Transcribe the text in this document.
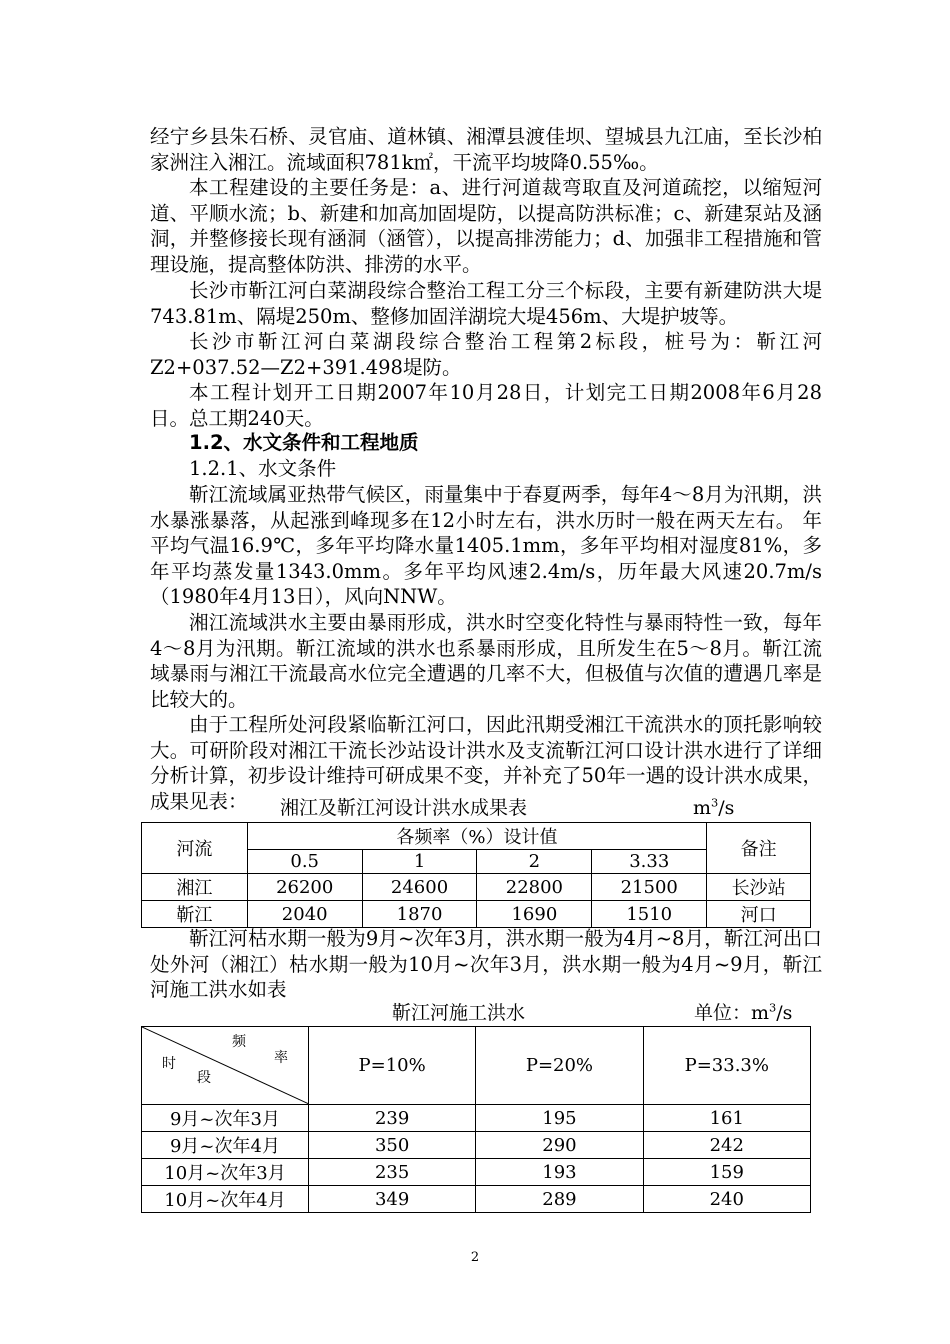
经宁乡县朱石桥、灵官庙、道林镇、湘潭县渡佳坝、望城县九江庙，至长沙柏家洲注入湘江。流域面积781k㎡，干流平均坡降0.55‰。

本工程建设的主要任务是：a、进行河道裁弯取直及河道疏挖，以缩短河道、平顺水流；b、新建和加高加固堤防，以提高防洪标准；c、新建泵站及涵洞，并整修接长现有涵洞（涵管），以提高排涝能力；d、加强非工程措施和管理设施，提高整体防洪、排涝的水平。

长沙市靳江河白菜湖段综合整治工程工分三个标段，主要有新建防洪大堤743.81m、隔堤250m、整修加固洋湖垸大堤456m、大堤护坡等。

长沙市靳江河白菜湖段综合整治工程第2标段，桩号为：靳江河Z2+037.52—Z2+391.498堤防。

本工程计划开工日期2007年10月28日，计划完工日期2008年6月28日。总工期240天。

1.2、水文条件和工程地质

1.2.1、水文条件

靳江流域属亚热带气候区，雨量集中于春夏两季，每年4～8月为汛期，洪水暴涨暴落，从起涨到峰现多在12小时左右，洪水历时一般在两天左右。 年平均气温16.9℃，多年平均降水量1405.1mm，多年平均相对湿度81%，多年平均蒸发量1343.0mm。多年平均风速2.4m/s，历年最大风速20.7m/s（1980年4月13日），风向NNW。

湘江流域洪水主要由暴雨形成，洪水时空变化特性与暴雨特性一致，每年4～8月为汛期。靳江流域的洪水也系暴雨形成，且所发生在5～8月。靳江流域暴雨与湘江干流最高水位完全遭遇的几率不大，但极值与次值的遭遇几率是比较大的。

由于工程所处河段紧临靳江河口，因此汛期受湘江干流洪水的顶托影响较大。可研阶段对湘江干流长沙站设计洪水及支流靳江河口设计洪水进行了详细分析计算，初步设计维持可研成果不变，并补充了50年一遇的设计洪水成果，成果见表：	湘江及靳江河设计洪水成果表	$m^3/s$
河流	各频率（%）设计值				备注
	0.5	1	2	3.33	
湘江	26200	24600	22800	21500	长沙站
靳江	2040	1870	1690	1510	河口

靳江河枯水期一般为9月~次年3月，洪水期一般为4月~8月，靳江河出口处外河（湘江）枯水期一般为10月~次年3月，洪水期一般为4月~9月，靳江河施工洪水如表

靳江河施工洪水	单位：$m^3/s$
频
率
时
段	P=10%	P=20%	P=33.3%
9月~次年3月	239	195	161
9月~次年4月	350	290	242
10月~次年3月	235	193	159
10月~次年4月	349	289	240
2
